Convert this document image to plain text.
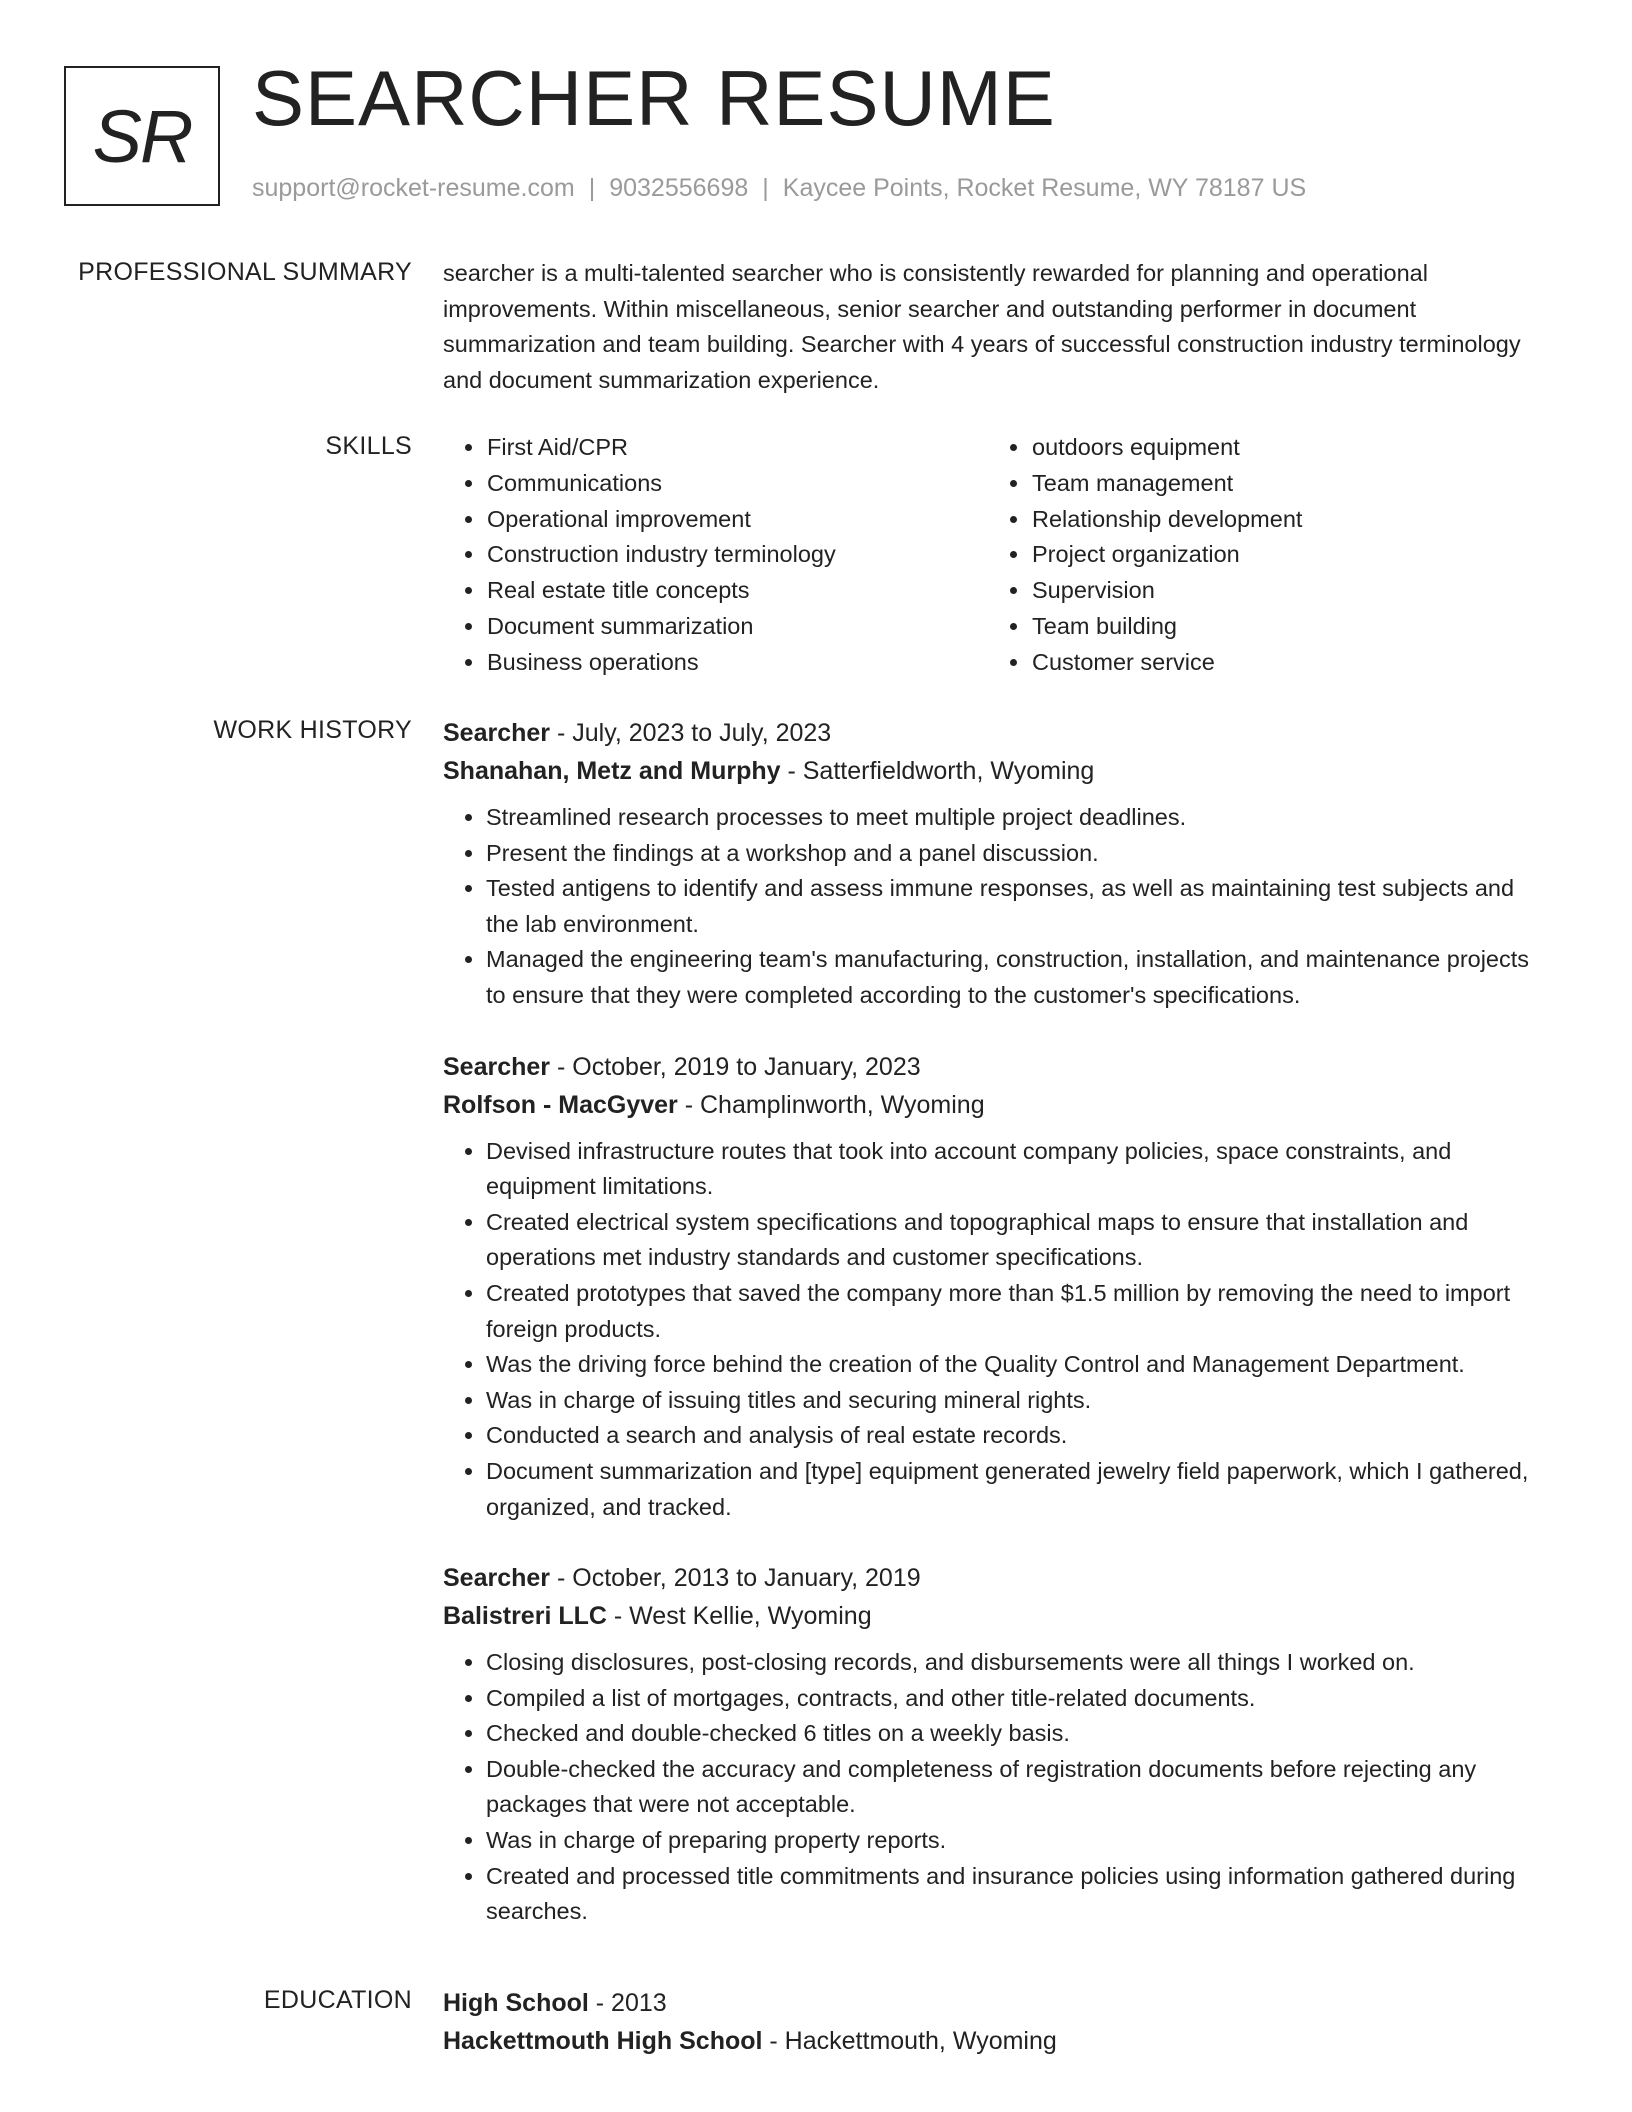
SR SEARCHER RESUME
support@rocket-resume.com | 9032556698 | Kaycee Points, Rocket Resume, WY 78187 US
PROFESSIONAL SUMMARY searcher is a multi-talented searcher who is consistently rewarded for planning and operational improvements. Within miscellaneous, senior searcher and outstanding performer in document summarization and team building. Searcher with 4 years of successful construction industry terminology and document summarization experience.
SKILLS
•	First Aid/CPR
• Communications
• Operational improvement
• Construction industry terminology
• Real estate title concepts
• Document summarization
• Business operations
• outdoors equipment
• Team management
• Relationship development
• Project organization
• Supervision
• Team building
• Customer service
WORK HISTORY Searcher - July, 2023 to July, 2023
Shanahan, Metz and Murphy - Satterfieldworth, Wyoming
• Streamlined research processes to meet multiple project deadlines.
• Present the findings at a workshop and a panel discussion.
• Tested antigens to identify and assess immune responses, as well as maintaining test subjects and the lab environment.
• Managed the engineering team's manufacturing, construction, installation, and maintenance projects to ensure that they were completed according to the customer's specifications.
Searcher - October, 2019 to January, 2023
Rolfson - MacGyver - Champlinworth, Wyoming
• Devised infrastructure routes that took into account company policies, space constraints, and equipment limitations.
• Created electrical system specifications and topographical maps to ensure that installation and operations met industry standards and customer specifications.
• Created prototypes that saved the company more than $1.5 million by removing the need to import foreign products.
• Was the driving force behind the creation of the Quality Control and Management Department.
• Was in charge of issuing titles and securing mineral rights.
• Conducted a search and analysis of real estate records.
• Document summarization and [type] equipment generated jewelry field paperwork, which I gathered, organized, and tracked.
Searcher - October, 2013 to January, 2019
Balistreri LLC - West Kellie, Wyoming
• Closing disclosures, post-closing records, and disbursements were all things I worked on.
• Compiled a list of mortgages, contracts, and other title-related documents.
• Checked and double-checked 6 titles on a weekly basis.
• Double-checked the accuracy and completeness of registration documents before rejecting any packages that were not acceptable.
• Was in charge of preparing property reports.
• Created and processed title commitments and insurance policies using information gathered during searches.
EDUCATION High School - 2013
Hackettmouth High School - Hackettmouth, Wyoming
